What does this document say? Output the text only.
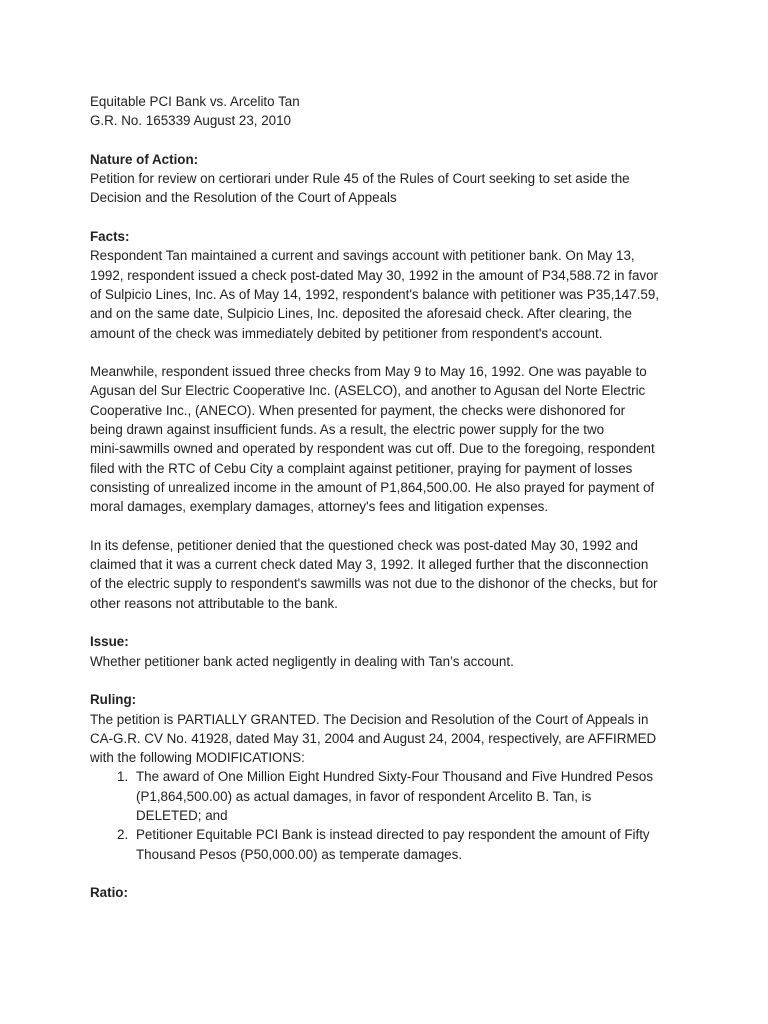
Equitable PCI Bank vs. Arcelito Tan

G.R. No. 165339 August 23, 2010

Nature of Action:

Petition for review on certiorari under Rule 45 of the Rules of Court seeking to set aside the

Decision and the Resolution of the Court of Appeals

Facts:

Respondent Tan maintained a current and savings account with petitioner bank. On May 13,

1992, respondent issued a check post-dated May 30, 1992 in the amount of P34,588.72 in favor

of Sulpicio Lines, Inc. As of May 14, 1992, respondent's balance with petitioner was P35,147.59,

and on the same date, Sulpicio Lines, Inc. deposited the aforesaid check. After clearing, the

amount of the check was immediately debited by petitioner from respondent's account.

Meanwhile, respondent issued three checks from May 9 to May 16, 1992. One was payable to

Agusan del Sur Electric Cooperative Inc. (ASELCO), and another to Agusan del Norte Electric

Cooperative Inc., (ANECO). When presented for payment, the checks were dishonored for

being drawn against insufficient funds. As a result, the electric power supply for the two

mini-sawmills owned and operated by respondent was cut off. Due to the foregoing, respondent

filed with the RTC of Cebu City a complaint against petitioner, praying for payment of losses

consisting of unrealized income in the amount of P1,864,500.00. He also prayed for payment of

moral damages, exemplary damages, attorney's fees and litigation expenses.

In its defense, petitioner denied that the questioned check was post-dated May 30, 1992 and

claimed that it was a current check dated May 3, 1992. It alleged further that the disconnection

of the electric supply to respondent's sawmills was not due to the dishonor of the checks, but for

other reasons not attributable to the bank.

Issue:

Whether petitioner bank acted negligently in dealing with Tan’s account.

Ruling:

The petition is PARTIALLY GRANTED. The Decision and Resolution of the Court of Appeals in

CA-G.R. CV No. 41928, dated May 31, 2004 and August 24, 2004, respectively, are AFFIRMED

with the following MODIFICATIONS:

1. The award of One Million Eight Hundred Sixty-Four Thousand and Five Hundred Pesos

(P1,864,500.00) as actual damages, in favor of respondent Arcelito B. Tan, is

DELETED; and

2. Petitioner Equitable PCI Bank is instead directed to pay respondent the amount of Fifty

Thousand Pesos (P50,000.00) as temperate damages.

Ratio:
